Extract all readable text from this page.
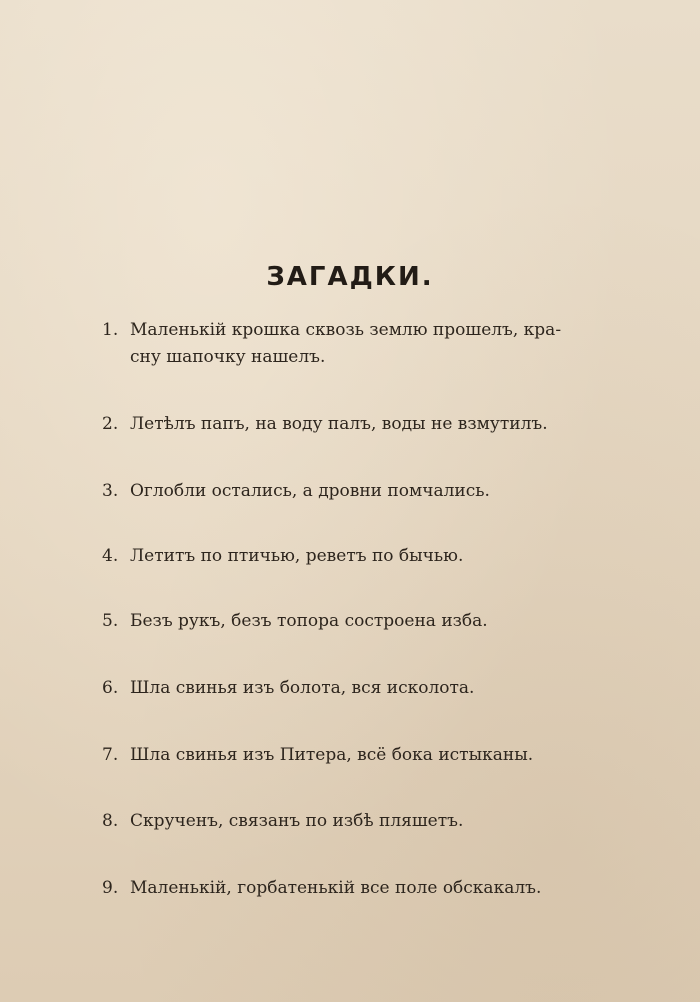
ЗАГАДКИ.
1. Маленькій крошка сквозь землю прошелъ, кра-
сну шапочку нашелъ.
2. Летѣлъ папъ, на воду палъ, воды не взмутилъ.
3. Оглобли остались, а дровни помчались.
4. Летитъ по птичью, реветъ по бычью.
5. Безъ рукъ, безъ топора состроена изба.
6. Шла свинья изъ болота, вся исколота.
7. Шла свинья изъ Питера, всё бока истыканы.
8. Скрученъ, связанъ по избѣ пляшетъ.
9. Маленькій, горбатенькій все поле обскакалъ.
